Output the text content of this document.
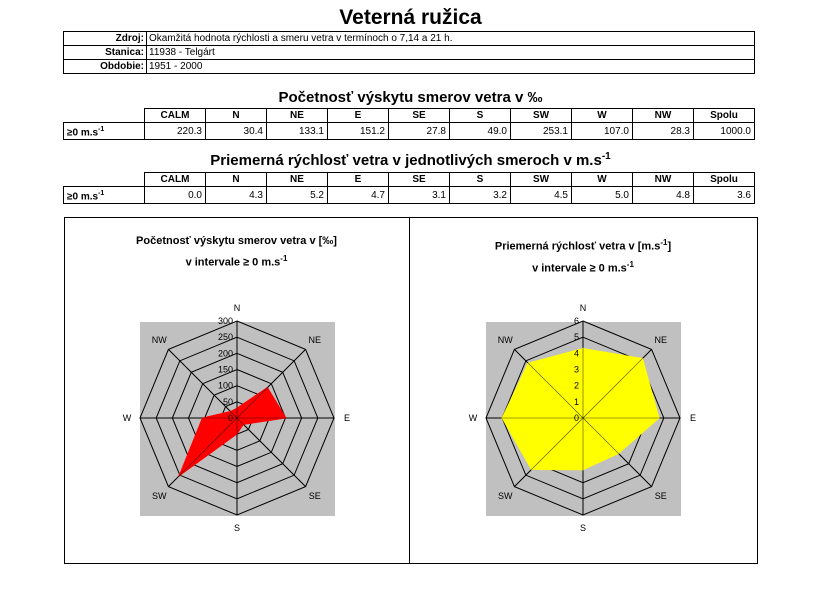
Veterná ružica
Zdroj:	Okamžitá hodnota rýchlosti a smeru vetra v termínoch o 7,14 a 21 h.
Stanica:	11938 - Telgárt
Obdobie:	1951 - 2000
Početnosť výskytu smerov vetra v ‰
	CALM	N	NE	E	SE	S	SW	W	NW	Spolu
≥0 $m.s^{-1}$	220.3	30.4	133.1	151.2	27.8	49.0	253.1	107.0	28.3	1000.0
Priemerná rýchlosť vetra v jednotlivých smeroch v $m.s^{-1}$
	CALM	N	NE	E	SE	S	SW	W	NW	Spolu
≥0 $m.s^{-1}$	0.0	4.3	5.2	4.7	3.1	3.2	4.5	5.0	4.8	3.6
Početnosť výskytu smerov vetra v [‰]
v intervale ≥ 0 $m.s^{-1}$
Priemerná rýchlosť vetra v $[m.s^{-1}]$
v intervale ≥ 0 $m.s^{-1}$
0
50
100
150
200
250
300
N
NE
E
SE
S
SW
W
NW
0
1
2
3
4
5
6
N
NE
E
SE
S
SW
W
NW
